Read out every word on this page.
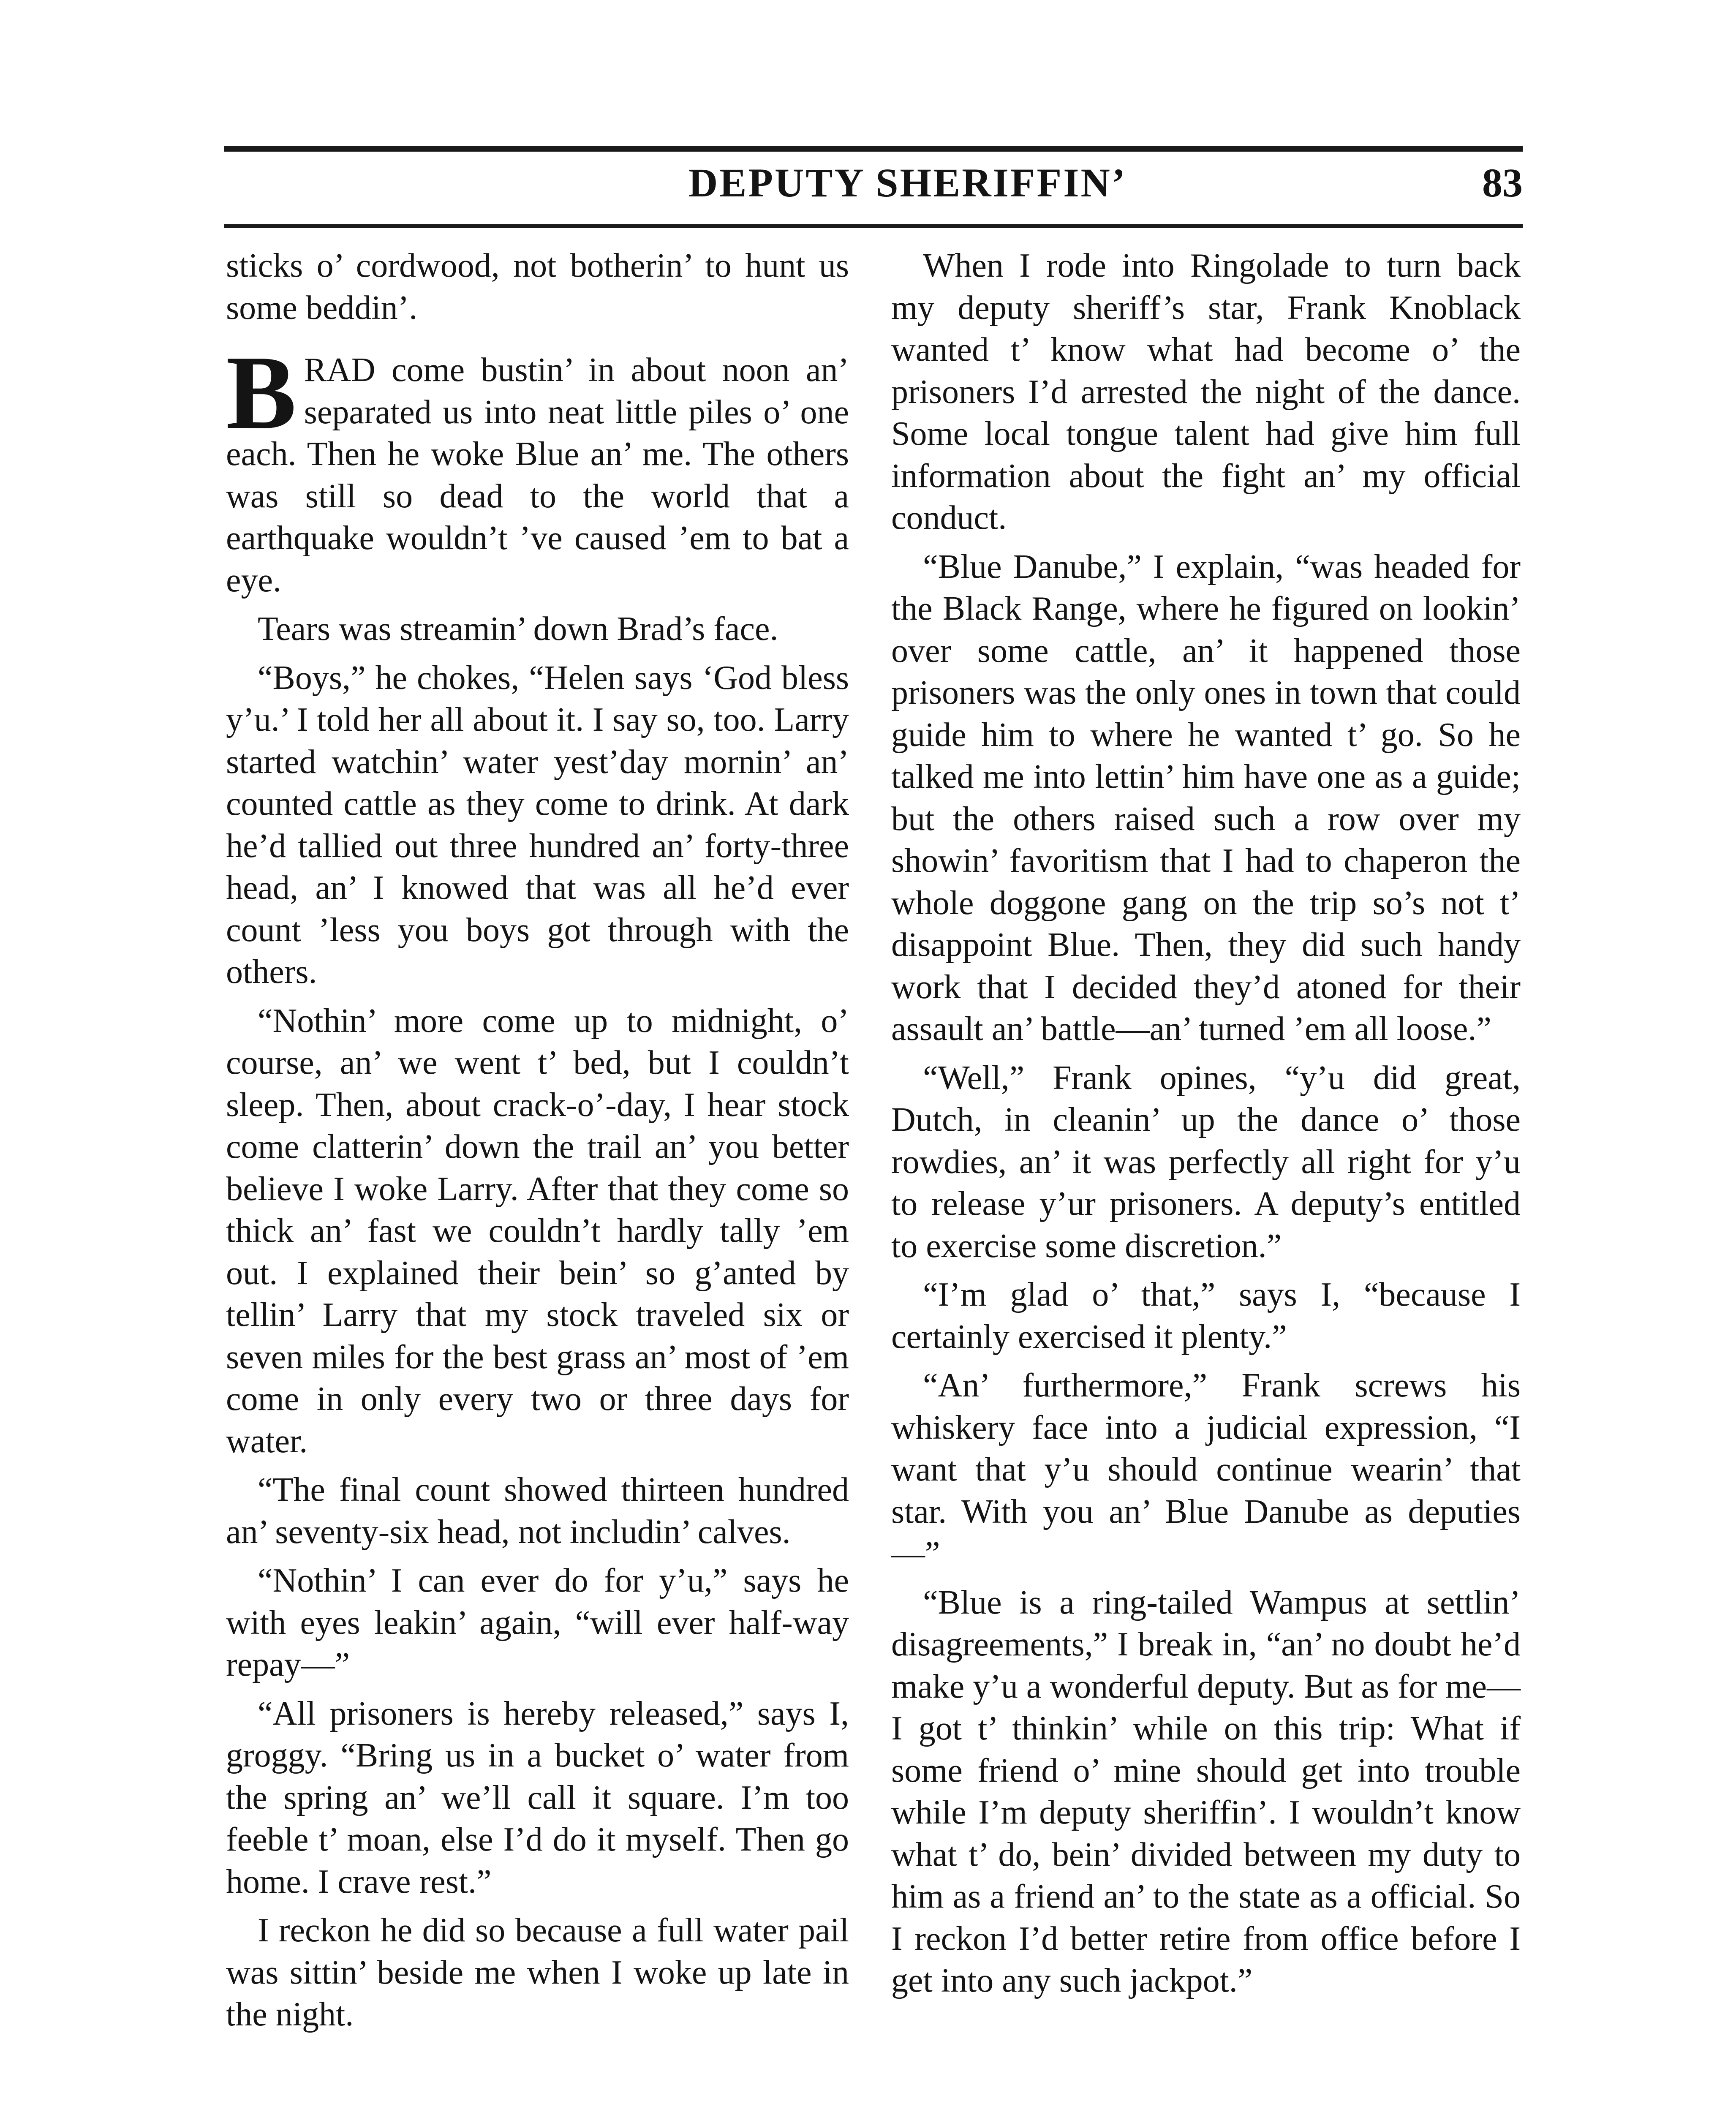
DEPUTY SHERIFFIN’	83

sticks o’ cordwood, not botherin’ to hunt us some beddin’.

BRAD come bustin’ in about noon an’ separated us into neat little piles o’ one each. Then he woke Blue an’ me. The others was still so dead to the world that a earthquake wouldn’t ’ve caused ’em to bat a eye.

Tears was streamin’ down Brad’s face.

“Boys,” he chokes, “Helen says ‘God bless y’u.’ I told her all about it. I say so, too. Larry started watchin’ water yest’day mornin’ an’ counted cattle as they come to drink. At dark he’d tallied out three hundred an’ forty-three head, an’ I knowed that was all he’d ever count ’less you boys got through with the others.

“Nothin’ more come up to midnight, o’ course, an’ we went t’ bed, but I couldn’t sleep. Then, about crack-o’-day, I hear stock come clatterin’ down the trail an’ you better believe I woke Larry. After that they come so thick an’ fast we couldn’t hardly tally ’em out. I explained their bein’ so g’anted by tellin’ Larry that my stock traveled six or seven miles for the best grass an’ most of ’em come in only every two or three days for water.

“The final count showed thirteen hundred an’ seventy-six head, not includin’ calves.

“Nothin’ I can ever do for y’u,” says he with eyes leakin’ again, “will ever half-way repay—”

“All prisoners is hereby released,” says I, groggy. “Bring us in a bucket o’ water from the spring an’ we’ll call it square. I’m too feeble t’ moan, else I’d do it myself. Then go home. I crave rest.”

I reckon he did so because a full water pail was sittin’ beside me when I woke up late in the night.

When I rode into Ringolade to turn back my deputy sheriff’s star, Frank Knoblack wanted t’ know what had become o’ the prisoners I’d arrested the night of the dance. Some local tongue talent had give him full information about the fight an’ my official conduct.

“Blue Danube,” I explain, “was headed for the Black Range, where he figured on lookin’ over some cattle, an’ it happened those prisoners was the only ones in town that could guide him to where he wanted t’ go. So he talked me into lettin’ him have one as a guide; but the others raised such a row over my showin’ favoritism that I had to chaperon the whole doggone gang on the trip so’s not t’ disappoint Blue. Then, they did such handy work that I decided they’d atoned for their assault an’ battle—an’ turned ’em all loose.”

“Well,” Frank opines, “y’u did great, Dutch, in cleanin’ up the dance o’ those rowdies, an’ it was perfectly all right for y’u to release y’ur prisoners. A deputy’s entitled to exercise some discretion.”

“I’m glad o’ that,” says I, “because I certainly exercised it plenty.”

“An’ furthermore,” Frank screws his whiskery face into a judicial expression, “I want that y’u should continue wearin’ that star. With you an’ Blue Danube as deputies—”

“Blue is a ring-tailed Wampus at settlin’ disagreements,” I break in, “an’ no doubt he’d make y’u a wonderful deputy. But as for me—I got t’ thinkin’ while on this trip: What if some friend o’ mine should get into trouble while I’m deputy sheriffin’. I wouldn’t know what t’ do, bein’ divided between my duty to him as a friend an’ to the state as a official. So I reckon I’d better retire from office before I get into any such jackpot.”
